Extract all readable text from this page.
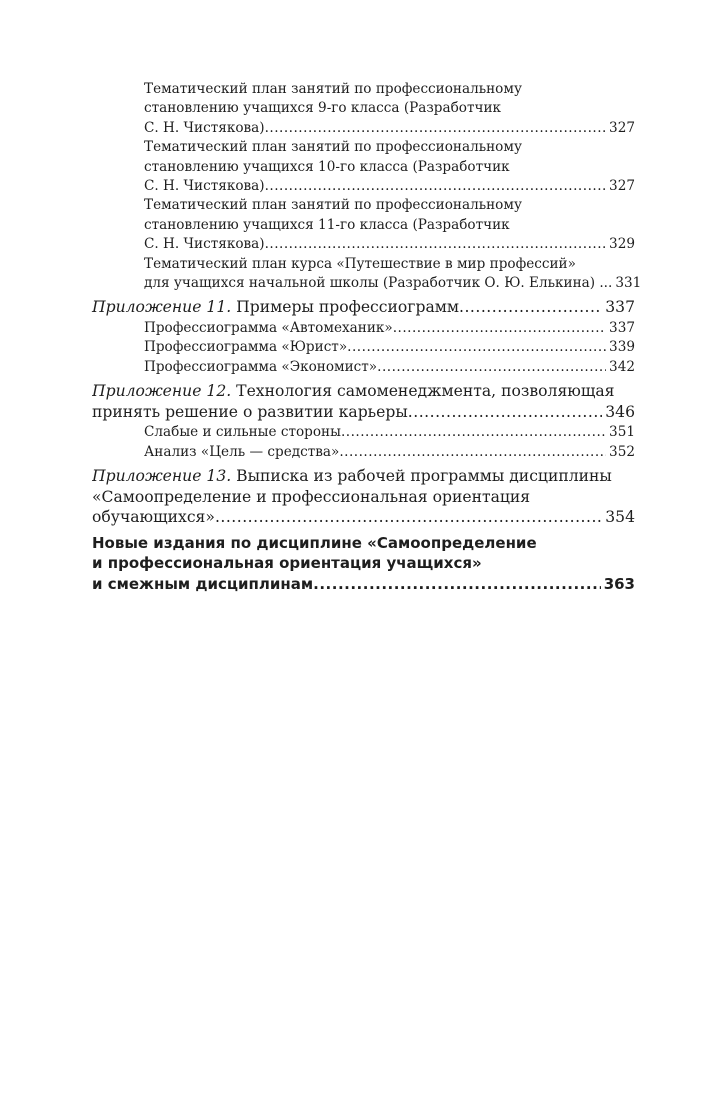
Тематический план занятий по профессиональному
становлению учащихся 9-го класса (Разработчик
С. Н. Чистякова) .....	327
Тематический план занятий по профессиональному
становлению учащихся 10-го класса (Разработчик
С. Н. Чистякова) .....	327
Тематический план занятий по профессиональному
становлению учащихся 11-го класса (Разработчик
С. Н. Чистякова) .....	329
Тематический план курса «Путешествие в мир профессий»
для учащихся начальной школы (Разработчик О. Ю. Елькина) ... 331
Приложение 11. Примеры профессиограмм .....	337
Профессиограмма «Автомеханик» .....	337
Профессиограмма «Юрист» .....	339
Профессиограмма «Экономист» .....	342
Приложение 12. Технология самоменеджмента, позволяющая
принять решение о развитии карьеры .....	346
Слабые и сильные стороны .....	351
Анализ «Цель — средства» .....	352
Приложение 13. Выписка из рабочей программы дисциплины
«Самоопределение и профессиональная ориентация
обучающихся» .....	354
Новые издания по дисциплине «Самоопределение
и профессиональная ориентация учащихся»
и смежным дисциплинам .....	363
